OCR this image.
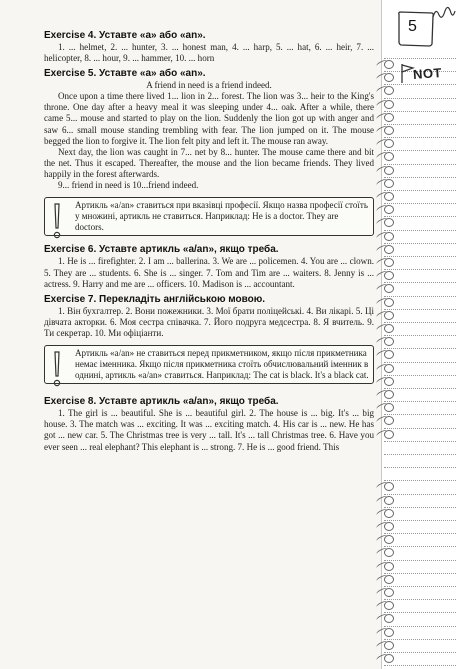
Exercise 4. Уставте «a» або «an».

1. ... helmet, 2. ... hunter, 3. ... honest man, 4. ... harp, 5. ... hat, 6. ... heir, 7. ... helicopter, 8. ... hour, 9. ... hammer, 10. ... horn

Exercise 5. Уставте «a» або «an».

A friend in need is a friend indeed.

Once upon a time there lived 1... lion in 2... forest. The lion was 3... heir to the King's throne. One day after a heavy meal it was sleeping under 4... oak. After a while, there came 5... mouse and started to play on the lion. Suddenly the lion got up with anger and saw 6... small mouse standing trembling with fear. The lion jumped on it. The mouse begged the lion to forgive it. The lion felt pity and left it. The mouse ran away.

Next day, the lion was caught in 7... net by 8... hunter. The mouse came there and bit the net. Thus it escaped. Thereafter, the mouse and the lion became friends. They lived happily in the forest afterwards.

9... friend in need is 10...friend indeed.

Артикль «a/an» ставиться при вказівці професії. Якщо назва професії стоїть у множині, артикль не ставиться. Наприклад: He is a doctor. They are doctors.

Exercise 6. Уставте артикль «a/an», якщо треба.

1. He is ... firefighter. 2. I am ... ballerina. 3. We are ... policemen. 4. You are ... clown. 5. They are ... students. 6. She is ... singer. 7. Tom and Tim are ... waiters. 8. Jenny is ... actress. 9. Harry and me are ... officers. 10. Madison is ... accountant.

Exercise 7. Перекладіть англійською мовою.

1. Він бухгалтер. 2. Вони пожежники. 3. Мої брати поліцейські. 4. Ви лікарі. 5. Ці дівчата акторки. 6. Моя сестра співачка. 7. Його подруга медсестра. 8. Я вчитель. 9. Ти секретар. 10. Ми офіціанти.

Артикль «a/an» не ставиться перед прикметником, якщо після прикметника немає іменника. Якщо після прикметника стоїть обчислювальний іменник в однині, артикль «a/an» ставиться. Наприклад: The cat is black. It's a black cat.

Exercise 8. Уставте артикль «a/an», якщо треба.

1. The girl is ... beautiful. She is ... beautiful girl. 2. The house is ... big. It's ... big house. 3. The match was ... exciting. It was ... exciting match. 4. His car is ... new. He has got ... new car. 5. The Christmas tree is very ... tall. It's ... tall Christmas tree. 6. Have you ever seen ... real elephant? This elephant is ... strong. 7. He is ... good friend. This

5
NOT
